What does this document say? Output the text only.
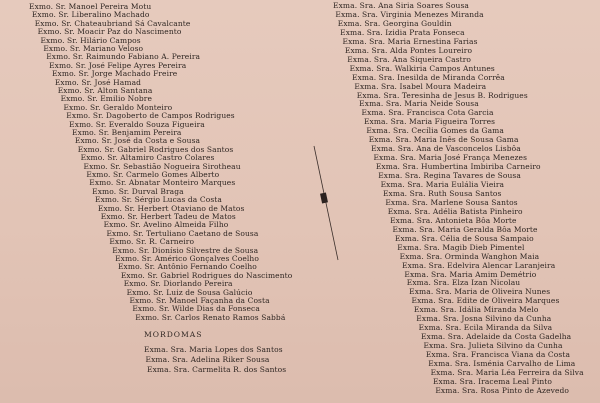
Exmo. Sr. Manoel Pereira Motu
Exmo. Sr. Liberalino Machado
Exmo. Sr. Chateaubriand Sá Cavalcante
Exmo. Sr. Moacir Paz do Nascimento
Exmo. Sr. Hilário Campos
Exmo. Sr. Mariano Veloso
Exmo. Sr. Raimundo Fabiano A. Pereira
Exmo. Sr. José Felipe Ayres Pereira
Exmo. Sr. Jorge Machado Freire
Exmo. Sr. José Hamad
Exmo. Sr. Alton Santana
Exmo. Sr. Emilio Nobre
Exmo. Sr. Geraldo Monteiro
Exmo. Sr. Dagoberto de Campos Rodrigues
Exmo. Sr. Everaldo Souza Figueira
Exmo. Sr. Benjamim Pereira
Exmo. Sr. José da Costa e Sousa
Exmo. Sr. Gabriel Rodrigues dos Santos
Exmo. Sr. Altamiro Castro Colares
Exmo. Sr. Sebastião Nogueira Sirotheau
Exmo. Sr. Carmelo Gomes Alberto
Exmo. Sr. Abnatar Monteiro Marques
Exmo. Sr. Durval Braga
Exmo. Sr. Sérgio Lucas da Costa
Exmo. Sr. Herbert Otaviano de Matos
Exmo. Sr. Herbert Tadeu de Matos
Exmo. Sr. Avelino Almeida Filho
Exmo. Sr. Tertuliano Caetano de Sousa
Exmo. Sr. R. Carneiro
Exmo. Sr. Dionísio Silvestre de Sousa
Exmo. Sr. Américo Gonçalves Coelho
Exmo. Sr. Antônio Fernando Coelho
Exmo. Sr. Gabriel Rodrigues do Nascimento
Exmo. Sr. Diorlando Pereira
Exmo. Sr. Luiz de Sousa Galúcio
Exmo. Sr. Manoel Façanha da Costa
Exmo. Sr. Wilde Dias da Fonseca
Exmo. Sr. Carlos Renato Ramos Sabbá
MORDOMAS
Exma. Sra. Maria Lopes dos Santos
Exma. Sra. Adelina Riker Sousa
Exma. Sra. Carmelita R. dos Santos
Exma. Sra. Ana Siria Soares Sousa
Exma. Sra. Virginia Menezes Miranda
Exma. Sra. Georgina Gouldin
Exma. Sra. Izidia Prata Fonseca
Exma. Sra. Maria Ernestina Farias
Exma. Sra. Alda Pontes Loureiro
Exma. Sra. Ana Siqueira Castro
Exma. Sra. Walkiria Campos Antunes
Exma. Sra. Inesilda de Miranda Corrêa
Exma. Sra. Isabel Moura Madeira
Exma. Sra. Teresinha de Jesus B. Rodrigues
Exma. Sra. Maria Neide Sousa
Exma. Sra. Francisca Cota Garcia
Exma. Sra. Maria Figueira Torres
Exma. Sra. Cecília Gomes da Gama
Exma. Sra. Maria Inês de Sousa Gama
Exma. Sra. Ana de Vasconcelos Lisbôa
Exma. Sra. Maria José França Menezes
Exma. Sra. Humbertina Imbiriba Carneiro
Exma. Sra. Regina Tavares de Sousa
Exma. Sra. Maria Eulália Vieira
Exma. Sra. Ruth Sousa Santos
Exma. Sra. Marlene Sousa Santos
Exma. Sra. Adélia Batista Pinheiro
Exma. Sra. Antonieta Bôa Morte
Exma. Sra. Maria Geralda Bôa Morte
Exma. Sra. Célia de Sousa Sampaio
Exma. Sra. Magib Dieb Pimentel
Exma. Sra. Orminda Wanghon Maia
Exma. Sra. Edelvira Alencar Laranjeira
Exma. Sra. Maria Amim Demétrio
Exma. Sra. Elza Izan Nicolau
Exma. Sra. Maria de Oliveira Nunes
Exma. Sra. Edite de Oliveira Marques
Exma. Sra. Idália Miranda Melo
Exma. Sra. Josna Silvino da Cunha
Exma. Sra. Ecila Miranda da Silva
Exma. Sra. Adelaide da Costa Gadelha
Exma. Sra. Julieta Silvino da Cunha
Exma. Sra. Francisca Viana da Costa
Exma. Sra. Isménia Carvalho de Lima
Exma. Sra. Maria Léa Ferreira da Silva
Exma. Sra. Iracema Leal Pinto
Exma. Sra. Rosa Pinto de Azevedo
